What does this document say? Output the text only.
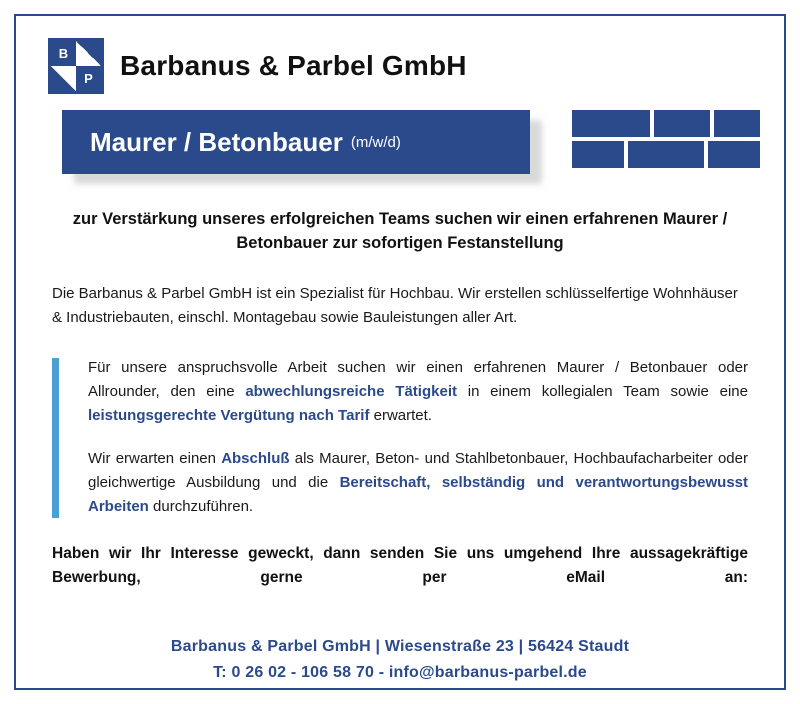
B
P Barbanus & Parbel GmbH
Maurer / Betonbauer (m/w/d)
zur Verstärkung unseres erfolgreichen Teams suchen wir einen erfahrenen Maurer / Betonbauer zur sofortigen Festanstellung
Die Barbanus & Parbel GmbH ist ein Spezialist für Hochbau. Wir erstellen schlüsselfertige Wohnhäuser & Industriebauten, einschl. Montagebau sowie Bauleistungen aller Art.

Für unsere anspruchsvolle Arbeit suchen wir einen erfahrenen Maurer / Betonbauer oder Allrounder, den eine abwechlungsreiche Tätigkeit in einem kollegialen Team sowie eine leistungsgerechte Vergütung nach Tarif erwartet.

Wir erwarten einen Abschluß als Maurer, Beton- und Stahlbetonbauer, Hochbaufacharbeiter oder gleichwertige Ausbildung und die Bereitschaft, selbständig und verantwortungsbewusst Arbeiten durchzuführen.

Haben wir Ihr Interesse geweckt, dann senden Sie uns umgehend Ihre aussagekräftige Bewerbung, gerne per eMail an:
Barbanus & Parbel GmbH | Wiesenstraße 23 | 56424 Staudt
T: 0 26 02 - 106 58 70 - info@barbanus-parbel.de
